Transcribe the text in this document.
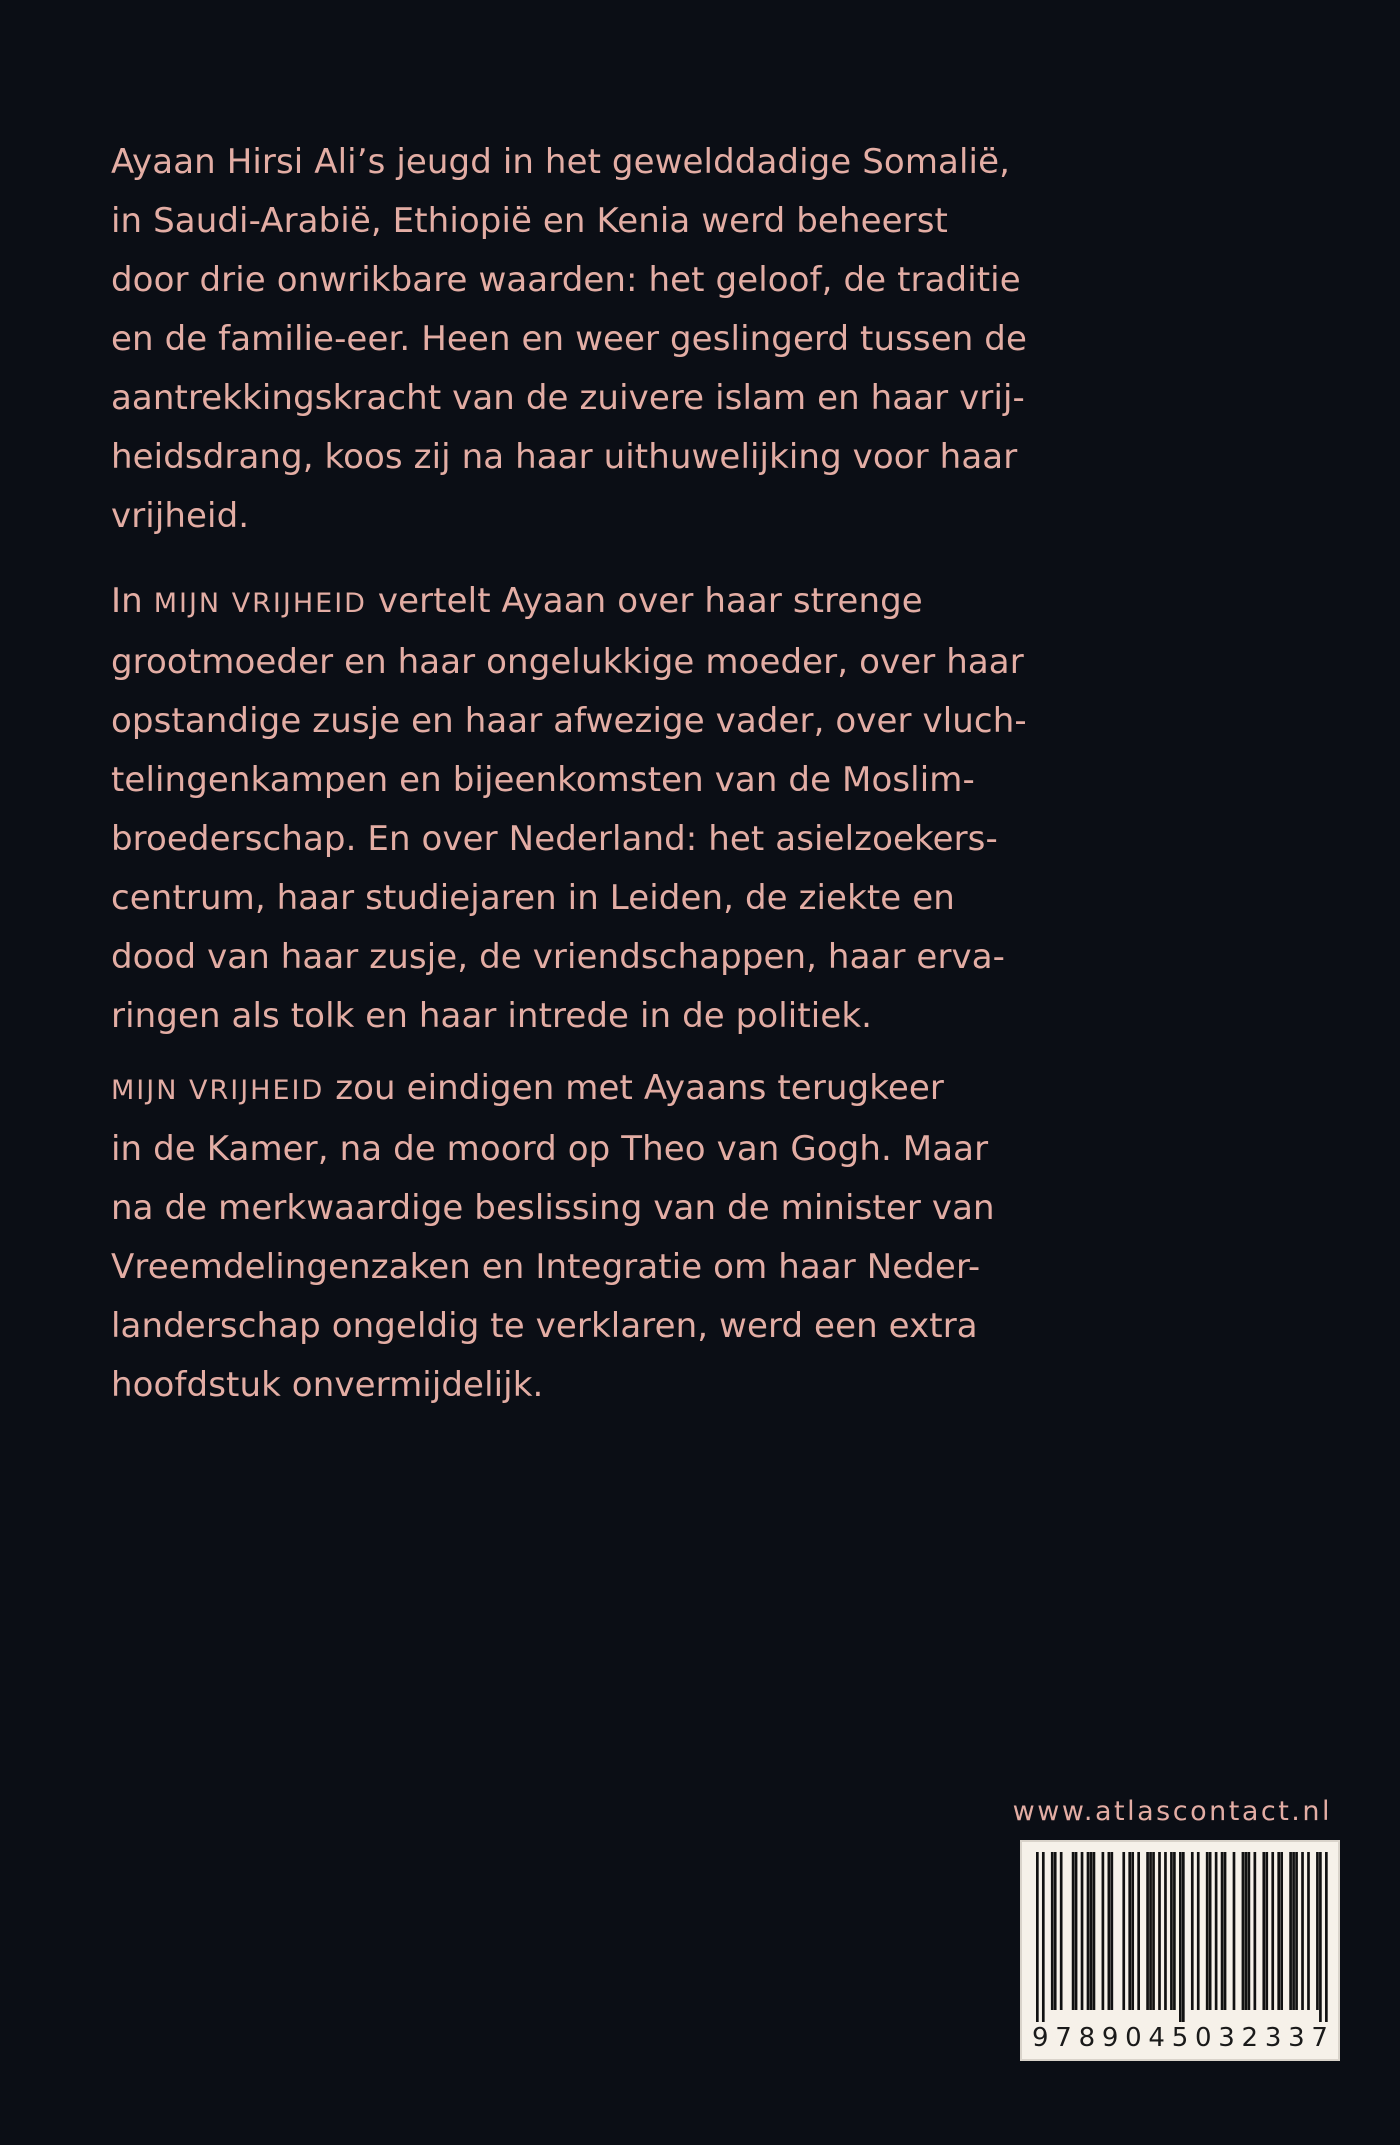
Ayaan Hirsi Ali’s jeugd in het gewelddadige Somalië,
in Saudi-Arabië, Ethiopië en Kenia werd beheerst
door drie onwrikbare waarden: het geloof, de traditie
en de familie-eer. Heen en weer geslingerd tussen de
aantrekkingskracht van de zuivere islam en haar vrij-
heidsdrang, koos zij na haar uithuwelijking voor haar
vrijheid.
In MIJN VRIJHEID vertelt Ayaan over haar strenge
grootmoeder en haar ongelukkige moeder, over haar
opstandige zusje en haar afwezige vader, over vluch-
telingenkampen en bijeenkomsten van de Moslim-
broederschap. En over Nederland: het asielzoekers-
centrum, haar studiejaren in Leiden, de ziekte en
dood van haar zusje, de vriendschappen, haar erva-
ringen als tolk en haar intrede in de politiek.
MIJN VRIJHEID zou eindigen met Ayaans terugkeer
in de Kamer, na de moord op Theo van Gogh. Maar
na de merkwaardige beslissing van de minister van
Vreemdelingenzaken en Integratie om haar Neder-
landerschap ongeldig te verklaren, werd een extra
hoofdstuk onvermijdelijk.
www.atlascontact.nl
9 7 8 9 0 4 5 0 3 2 3 3 7
